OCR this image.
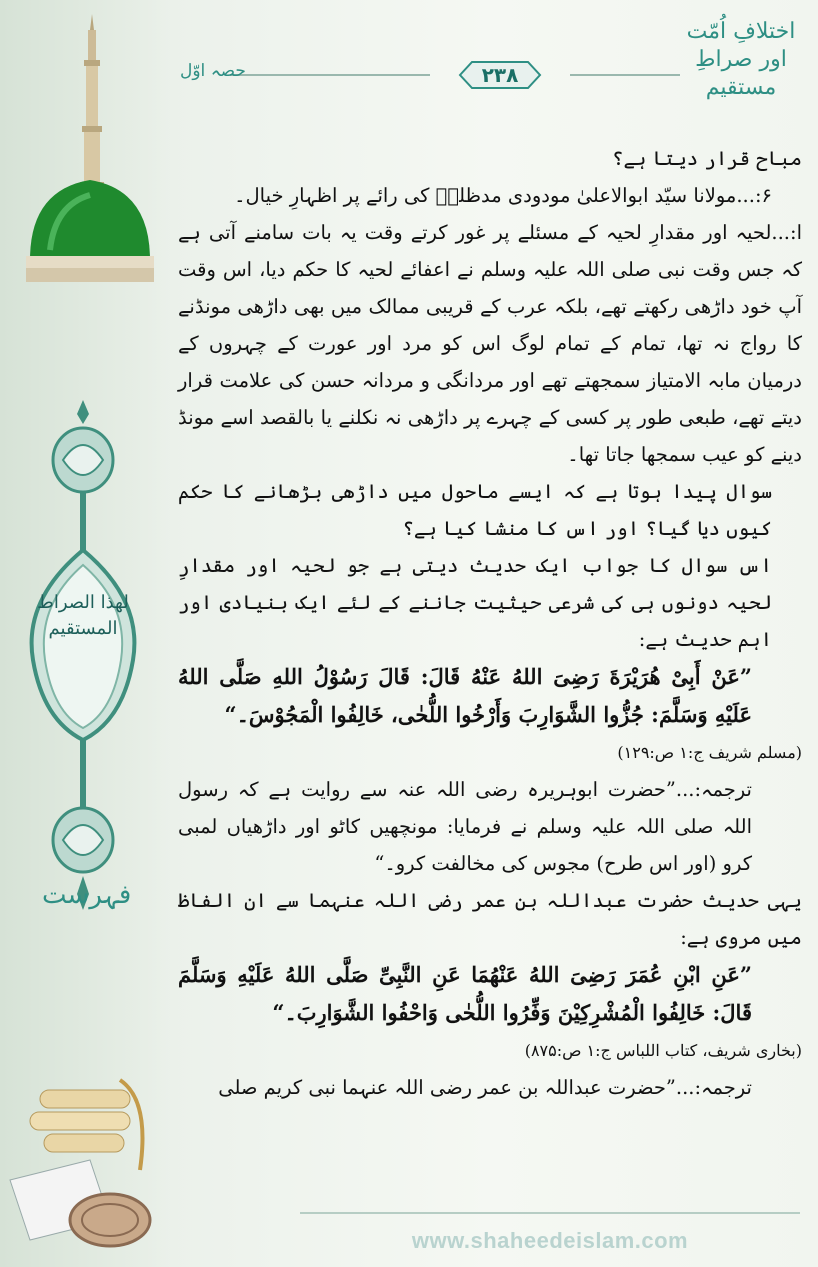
لھذا الصراط المستقیم
فہرست
اختلافِ اُمّت
اور صراطِ مستقیم
۲۳۸
حصہ اوّل

مباح قرار دیتا ہے؟

۶:...مولانا سیّد ابوالاعلیٰ مودودی مدظلہٗ کی رائے پر اظہارِ خیال۔

ا:...لحیہ اور مقدارِ لحیہ کے مسئلے پر غور کرتے وقت یہ بات سامنے آتی ہے کہ جس وقت نبی صلی اللہ علیہ وسلم نے اعفائے لحیہ کا حکم دیا، اس وقت آپ خود داڑھی رکھتے تھے، بلکہ عرب کے قریبی ممالک میں بھی داڑھی مونڈنے کا رواج نہ تھا، تمام کے تمام لوگ اس کو مرد اور عورت کے چہروں کے درمیان مابہ الامتیاز سمجھتے تھے اور مردانگی و مردانہ حسن کی علامت قرار دیتے تھے، طبعی طور پر کسی کے چہرے پر داڑھی نہ نکلنے یا بالقصد اسے مونڈ دینے کو عیب سمجھا جاتا تھا۔

سوال پیدا ہوتا ہے کہ ایسے ماحول میں داڑھی بڑھانے کا حکم کیوں دیا گیا؟ اور اس کا منشا کیا ہے؟

اس سوال کا جواب ایک حدیث دیتی ہے جو لحیہ اور مقدارِ لحیہ دونوں ہی کی شرعی حیثیت جاننے کے لئے ایک بنیادی اور اہم حدیث ہے:

”عَنْ أَبِیْ هُرَیْرَةَ رَضِیَ اللهُ عَنْهُ قَالَ: قَالَ رَسُوْلُ اللهِ صَلَّى اللهُ عَلَیْهِ وَسَلَّمَ: جُزُّوا الشَّوَارِبَ وَأَرْخُوا اللُّحٰى، خَالِفُوا الْمَجُوْسَ۔“

(مسلم شریف ج:۱ ص:۱۲۹)

ترجمہ:...”حضرت ابوہریرہ رضی اللہ عنہ سے روایت ہے کہ رسول اللہ صلی اللہ علیہ وسلم نے فرمایا: مونچھیں کاٹو اور داڑھیاں لمبی کرو (اور اس طرح) مجوس کی مخالفت کرو۔“

یہی حدیث حضرت عبداللہ بن عمر رضی اللہ عنہما سے ان الفاظ میں مروی ہے:

”عَنِ ابْنِ عُمَرَ رَضِیَ اللهُ عَنْهُمَا عَنِ النَّبِیِّ صَلَّى اللهُ عَلَیْهِ وَسَلَّمَ قَالَ: خَالِفُوا الْمُشْرِكِیْنَ وَفِّرُوا اللُّحٰى وَاحْفُوا الشَّوَارِبَ۔“

(بخاری شریف، کتاب اللباس ج:۱ ص:۸۷۵)

ترجمہ:...”حضرت عبداللہ بن عمر رضی اللہ عنہما نبی کریم صلی

www.shaheedeislam.com
